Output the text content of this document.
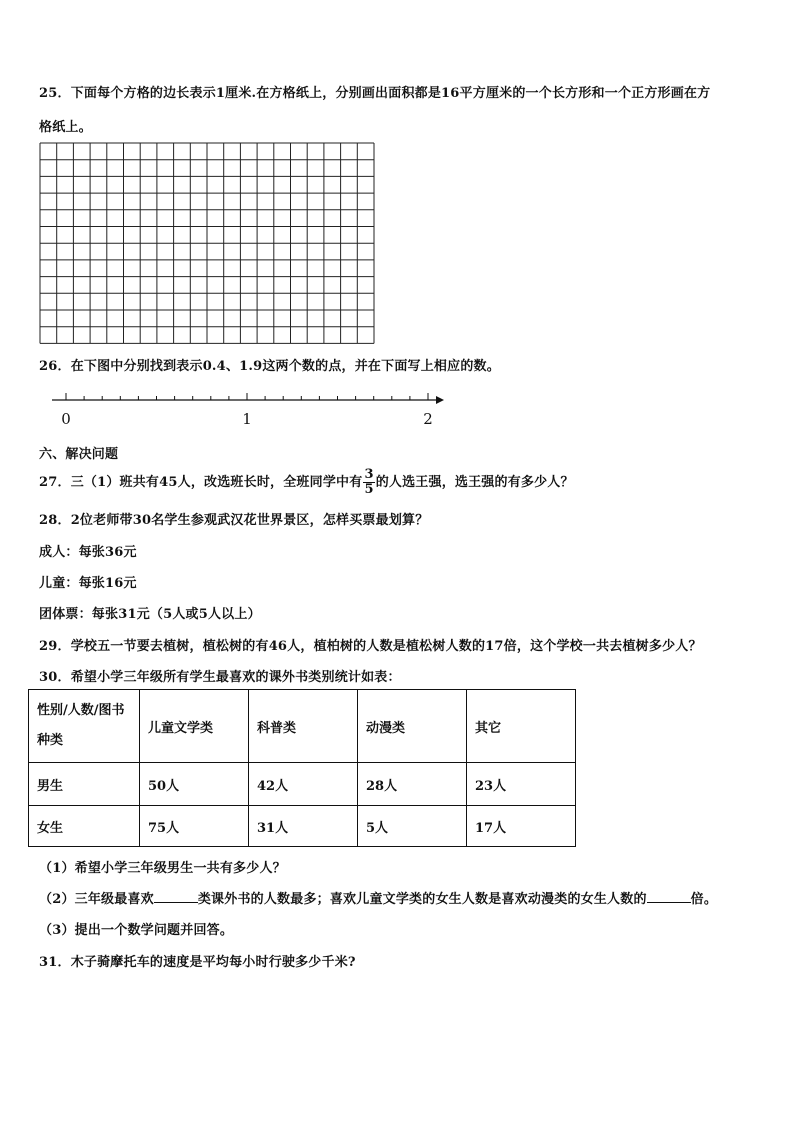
25．下面每个方格的边长表示1厘米.在方格纸上，分别画出面积都是16平方厘米的一个长方形和一个正方形画在方
格纸上。
26．在下图中分别找到表示0.4、1.9这两个数的点，并在下面写上相应的数。
0	1	2
六、解决问题
27．三（1）班共有45人，改选班长时，全班同学中有 $\frac{3}{5}$ 的人选王强，选王强的有多少人？
28．2位老师带30名学生参观武汉花世界景区，怎样买票最划算？
成人：每张36元
儿童：每张16元
团体票：每张31元（5人或5人以上）
29．学校五一节要去植树，植松树的有46人，植柏树的人数是植松树人数的17倍，这个学校一共去植树多少人？
30．希望小学三年级所有学生最喜欢的课外书类别统计如表：
性别/人数/图书
种类	儿童文学类	科普类	动漫类	其它
男生	50人	42人	28人	23人
女生	75人	31人	5人	17人
（1）希望小学三年级男生一共有多少人？
（2）三年级最喜欢	类课外书的人数最多；喜欢儿童文学类的女生人数是喜欢动漫类的女生人数的	倍。
（3）提出一个数学问题并回答。
31．木子骑摩托车的速度是平均每小时行驶多少千米?
